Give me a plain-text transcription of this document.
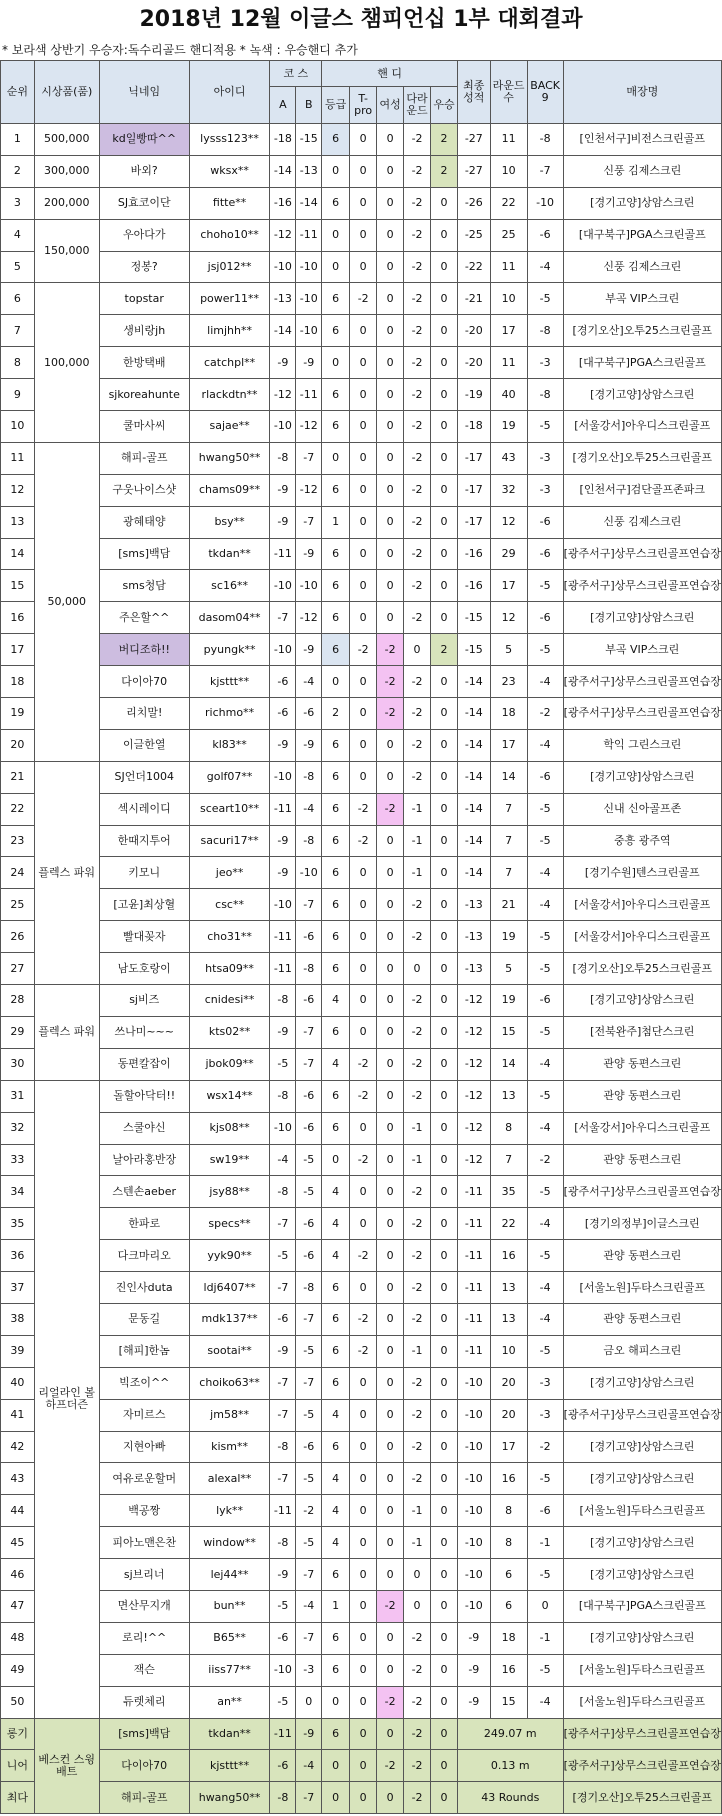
2018년 12월 이글스 챔피언십 1부 대회결과
* 보라색 상반기 우승자:독수리골드 핸디적용 * 녹색 : 우승핸디 추가
순위	시상품(품)	닉네임	아이디	코 스		핸 디					최종성적	라운드 수	BACK 9	매장명
				A	B	등급	T-pro	여성	다라운드	우승				
1	500,000	kd일빵따^^	lysss123**	-18	-15	6	0	0	-2	2	-27	11	-8	[인천서구]비전스크린골프
2	300,000	바외?	wksx**	-14	-13	0	0	0	-2	2	-27	10	-7	신풍 김제스크린
3	200,000	SJ효코이단	fitte**	-16	-14	6	0	0	-2	0	-26	22	-10	[경기고양]상암스크린
4	150,000	우아다가	choho10**	-12	-11	0	0	0	-2	0	-25	25	-6	[대구북구]PGA스크린골프
5		정봉?	jsj012**	-10	-10	0	0	0	-2	0	-22	11	-4	신풍 김제스크린
6	100,000	topstar	power11**	-13	-10	6	-2	0	-2	0	-21	10	-5	부곡 VIP스크린
7		생비랑jh	limjhh**	-14	-10	6	0	0	-2	0	-20	17	-8	[경기오산]오투25스크린골프
8		한방택배	catchpl**	-9	-9	0	0	0	-2	0	-20	11	-3	[대구북구]PGA스크린골프
9		sjkoreahunte	rlackdtn**	-12	-11	6	0	0	-2	0	-19	40	-8	[경기고양]상암스크린
10		쿨마사씨	sajae**	-10	-12	6	0	0	-2	0	-18	19	-5	[서울강서]아우디스크린골프
11	50,000	해피-골프	hwang50**	-8	-7	0	0	0	-2	0	-17	43	-3	[경기오산]오투25스크린골프
12		구웃나이스샷	chams09**	-9	-12	6	0	0	-2	0	-17	32	-3	[인천서구]검단골프존파크
13		광혜태양	bsy**	-9	-7	1	0	0	-2	0	-17	12	-6	신풍 김제스크린
14		[sms]백담	tkdan**	-11	-9	6	0	0	-2	0	-16	29	-6	[광주서구]상무스크린골프연습장
15		sms청담	sc16**	-10	-10	6	0	0	-2	0	-16	17	-5	[광주서구]상무스크린골프연습장
16		주은할^^	dasom04**	-7	-12	6	0	0	-2	0	-15	12	-6	[경기고양]상암스크린
17		버디조하!!	pyungk**	-10	-9	6	-2	-2	0	2	-15	5	-5	부곡 VIP스크린
18		다이아70	kjsttt**	-6	-4	0	0	-2	-2	0	-14	23	-4	[광주서구]상무스크린골프연습장
19		리치말!	richmo**	-6	-6	2	0	-2	-2	0	-14	18	-2	[광주서구]상무스크린골프연습장
20		이글한열	kl83**	-9	-9	6	0	0	-2	0	-14	17	-4	학익 그린스크린
21	플렉스 파워	SJ언더1004	golf07**	-10	-8	6	0	0	-2	0	-14	14	-6	[경기고양]상암스크린
22		섹시레이디	sceart10**	-11	-4	6	-2	-2	-1	0	-14	7	-5	신내 신아골프존
23		한때지투어	sacuri17**	-9	-8	6	-2	0	-1	0	-14	7	-5	중흥 광주역
24		키모니	jeo**	-9	-10	6	0	0	-1	0	-14	7	-4	[경기수원]텐스크린골프
25		[고윤]최상혈	csc**	-10	-7	6	0	0	-2	0	-13	21	-4	[서울강서]아우디스크린골프
26		빨대꽂자	cho31**	-11	-6	6	0	0	-2	0	-13	19	-5	[서울강서]아우디스크린골프
27		남도호랑이	htsa09**	-11	-8	6	0	0	0	0	-13	5	-5	[경기오산]오투25스크린골프
28	플렉스 파워	sj비즈	cnidesi**	-8	-6	4	0	0	-2	0	-12	19	-6	[경기고양]상암스크린
29		쓰나미~~~	kts02**	-9	-7	6	0	0	-2	0	-12	15	-5	[전북완주]첨단스크린
30		동편칼잡이	jbok09**	-5	-7	4	-2	0	-2	0	-12	14	-4	관양 동편스크린
31	리얼라인 볼 하프더즌	돌할아닥터!!	wsx14**	-8	-6	6	-2	0	-2	0	-12	13	-5	관양 동편스크린
32		스쿨야신	kjs08**	-10	-6	6	0	0	-1	0	-12	8	-4	[서울강서]아우디스크린골프
33		날아라홍반장	sw19**	-4	-5	0	-2	0	-1	0	-12	7	-2	관양 동편스크린
34		스텐손aeber	jsy88**	-8	-5	4	0	0	-2	0	-11	35	-5	[광주서구]상무스크린골프연습장
35		한파로	specs**	-7	-6	4	0	0	-2	0	-11	22	-4	[경기의정부]이글스크린
36		다크마리오	yyk90**	-5	-6	4	-2	0	-2	0	-11	16	-5	관양 동편스크린
37		진인사duta	ldj6407**	-7	-8	6	0	0	-2	0	-11	13	-4	[서울노원]두타스크린골프
38		문동길	mdk137**	-6	-7	6	-2	0	-2	0	-11	13	-4	관양 동편스크린
39		[해피]한놈	sootai**	-9	-5	6	-2	0	-1	0	-11	10	-5	금오 해피스크린
40		빅조이^^	choiko63**	-7	-7	6	0	0	-2	0	-10	20	-3	[경기고양]상암스크린
41		자미르스	jm58**	-7	-5	4	0	0	-2	0	-10	20	-3	[광주서구]상무스크린골프연습장
42		지현아빠	kism**	-8	-6	6	0	0	-2	0	-10	17	-2	[경기고양]상암스크린
43		여유로운할머	alexal**	-7	-5	4	0	0	-2	0	-10	16	-5	[경기고양]상암스크린
44		백공짱	lyk**	-11	-2	4	0	0	-1	0	-10	8	-6	[서울노원]두타스크린골프
45		피아노맨은찬	window**	-8	-5	4	0	0	-1	0	-10	8	-1	[경기고양]상암스크린
46		sj브리너	lej44**	-9	-7	6	0	0	0	0	-10	6	-5	[경기고양]상암스크린
47		면산무지개	bun**	-5	-4	1	0	-2	0	0	-10	6	0	[대구북구]PGA스크린골프
48		로리!^^	B65**	-6	-7	6	0	0	-2	0	-9	18	-1	[경기고양]상암스크린
49		잭슨	iiss77**	-10	-3	6	0	0	-2	0	-9	16	-5	[서울노원]두타스크린골프
50		듀렛체리	an**	-5	0	0	0	-2	-2	0	-9	15	-4	[서울노원]두타스크린골프
롱기	베스컨 스윙 배트	[sms]백담	tkdan**	-11	-9	6	0	0	-2	0	249.07 m			[광주서구]상무스크린골프연습장
니어		다이아70	kjsttt**	-6	-4	0	0	-2	-2	0	0.13 m			[광주서구]상무스크린골프연습장
최다		해피-골프	hwang50**	-8	-7	0	0	0	-2	0	43 Rounds			[경기오산]오투25스크린골프
